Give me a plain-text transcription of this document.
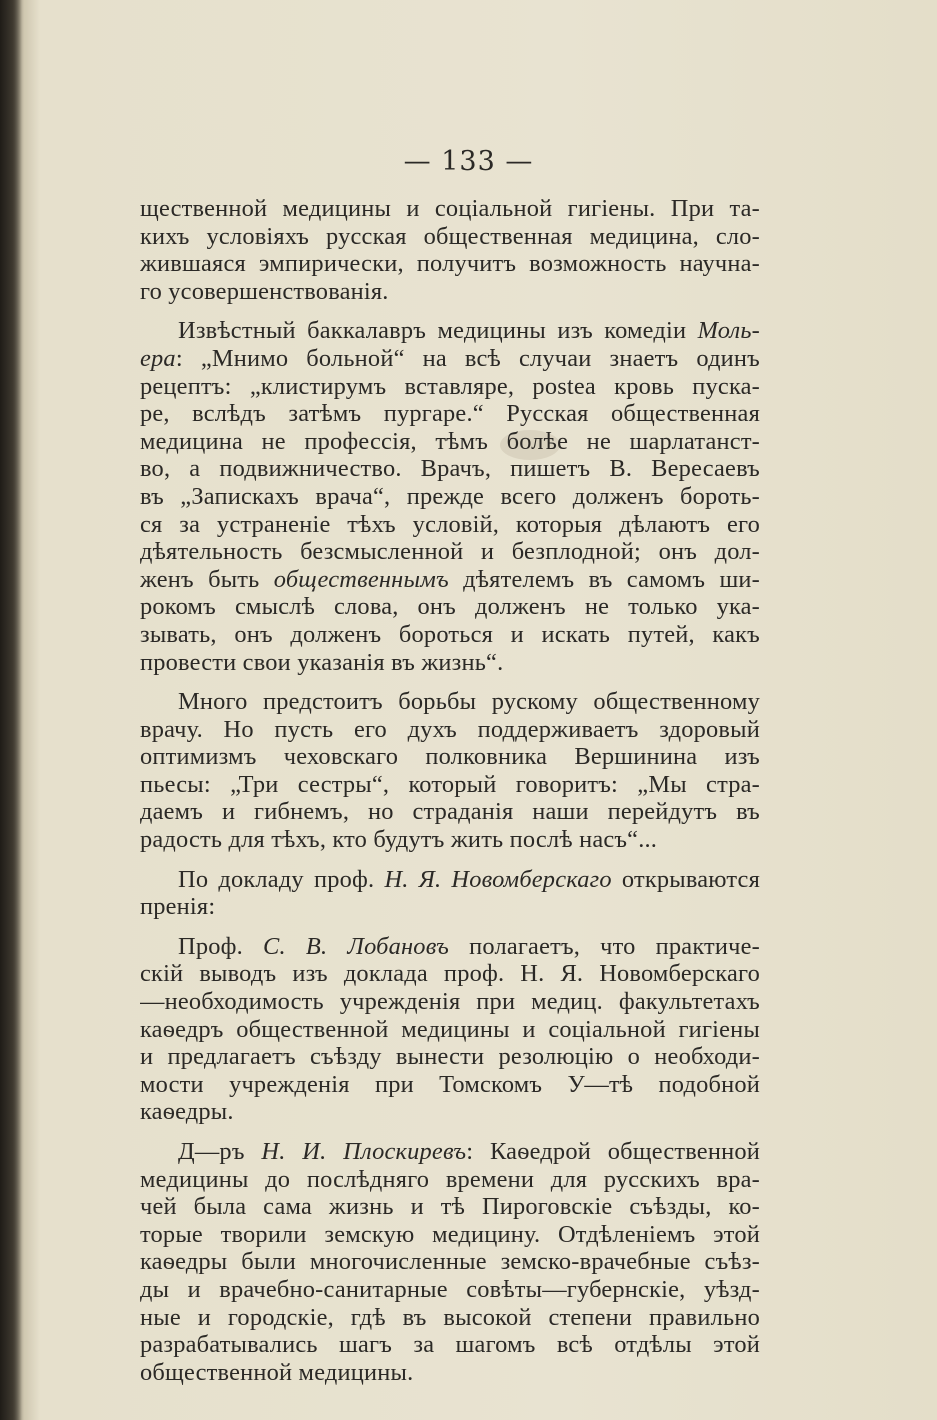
— 133 —
щественной медицины и соціальной гигіены. При та-
кихъ условіяхъ русская общественная медицина, сло-
жившаяся эмпирически, получитъ возможность научна-
го усовершенствованія.
Извѣстный баккалавръ медицины изъ комедіи Моль-
ера: „Мнимо больной“ на всѣ случаи знаетъ одинъ
рецептъ: „клистирумъ вставляре, postea кровь пуска-
ре, вслѣдъ затѣмъ пургаре.“ Русская общественная
медицина не профессія, тѣмъ болѣе не шарлатанст-
во, а подвижничество. Врачъ, пишетъ В. Вересаевъ
въ „Запискахъ врача“, прежде всего долженъ бороть-
ся за устраненіе тѣхъ условій, которыя дѣлаютъ его
дѣятельность безсмысленной и безплодной; онъ дол-
женъ быть общественнымъ дѣятелемъ въ самомъ ши-
рокомъ смыслѣ слова, онъ долженъ не только ука-
зывать, онъ долженъ бороться и искать путей, какъ
провести свои указанія въ жизнь“.
Много предстоитъ борьбы рускому общественному
врачу. Но пусть его духъ поддерживаетъ здоровый
оптимизмъ чеховскаго полковника Вершинина изъ
пьесы: „Три сестры“, который говоритъ: „Мы стра-
даемъ и гибнемъ, но страданія наши перейдутъ въ
радость для тѣхъ, кто будутъ жить послѣ насъ“...
По докладу проф. Н. Я. Новомберскаго открываются
пренія:
Проф. С. В. Лобановъ полагаетъ, что практиче-
скій выводъ изъ доклада проф. Н. Я. Новомберскаго
—необходимость учрежденія при медиц. факультетахъ
каѳедръ общественной медицины и соціальной гигіены
и предлагаетъ съѣзду вынести резолюцію о необходи-
мости учрежденія при Томскомъ У—тѣ подобной
каѳедры.
Д—ръ Н. И. Плоскиревъ: Каѳедрой общественной
медицины до послѣдняго времени для русскихъ вра-
чей была сама жизнь и тѣ Пироговскіе съѣзды, ко-
торые творили земскую медицину. Отдѣленіемъ этой
каѳедры были многочисленные земско-врачебные съѣз-
ды и врачебно-санитарные совѣты—губернскіе, уѣзд-
ные и городскіе, гдѣ въ высокой степени правильно
разрабатывались шагъ за шагомъ всѣ отдѣлы этой
общественной медицины.
